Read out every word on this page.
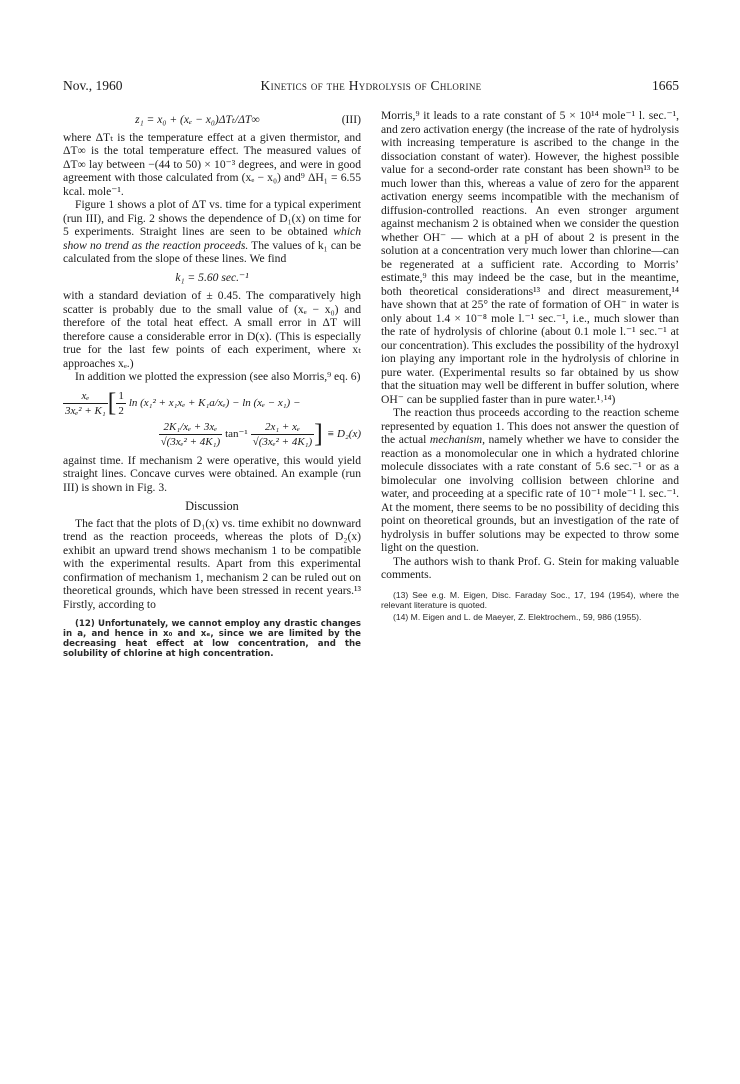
Nov., 1960	Kinetics of the Hydrolysis of Chlorine	1665
z₁ = x₀ + (xₑ − x₀)ΔTₜ/ΔT∞	(III)

where ΔTₜ is the temperature effect at a given thermistor, and ΔT∞ is the total temperature effect. The measured values of ΔT∞ lay between −(44 to 50) × 10⁻³ degrees, and were in good agreement with those calculated from (xₑ − x₀) and⁹ ΔH₁ = 6.55 kcal. mole⁻¹.

Figure 1 shows a plot of ΔT vs. time for a typical experiment (run III), and Fig. 2 shows the dependence of D₁(x) on time for 5 experiments. Straight lines are seen to be obtained which show no trend as the reaction proceeds. The values of k₁ can be calculated from the slope of these lines. We find

k₁ = 5.60 sec.⁻¹

with a standard deviation of ± 0.45. The comparatively high scatter is probably due to the small value of (xₑ − x₀) and therefore of the total heat effect. A small error in ΔT will therefore cause a considerable error in D(x). (This is especially true for the last few points of each experiment, where xₜ approaches xₑ.)

In addition we plotted the expression (see also Morris,⁹ eq. 6)

$\frac{\text{xₑ}}{\text{3xₑ² + K₁}}$ [ $\frac{1}{2}$ ln (x₁² + x₁xₑ + K₁a/xₑ) − ln (xₑ − x₁) −
$\frac{\text{2K₁/xₑ + 3xₑ}}{\text{√(3xₑ² + 4K₁)}} \tan^{-1} \frac{\text{2x₁ + xₑ}}{\text{√(3xₑ² + 4K₁)}}$ ] ≡ D₂(x)

against time. If mechanism 2 were operative, this would yield straight lines. Concave curves were obtained. An example (run III) is shown in Fig. 3.

Discussion

The fact that the plots of D₁(x) vs. time exhibit no downward trend as the reaction proceeds, whereas the plots of D₂(x) exhibit an upward trend shows mechanism 1 to be compatible with the experimental results. Apart from this experimental confirmation of mechanism 1, mechanism 2 can be ruled out on theoretical grounds, which have been stressed in recent years.¹³ Firstly, according to

(12) Unfortunately, we cannot employ any drastic changes in a, and hence in x₀ and xₑ, since we are limited by the decreasing heat effect at low concentration, and the solubility of chlorine at high concentration.

Morris,⁹ it leads to a rate constant of 5 × 10¹⁴ mole⁻¹ l. sec.⁻¹, and zero activation energy (the increase of the rate of hydrolysis with increasing temperature is ascribed to the change in the dissociation constant of water). However, the highest possible value for a second-order rate constant has been shown¹³ to be much lower than this, whereas a value of zero for the apparent activation energy seems incompatible with the mechanism of diffusion-controlled reactions. An even stronger argument against mechanism 2 is obtained when we consider the question whether OH⁻ — which at a pH of about 2 is present in the solution at a concentration very much lower than chlorine—can be regenerated at a sufficient rate. According to Morris’ estimate,⁹ this may indeed be the case, but in the meantime, both theoretical considerations¹³ and direct measurement,¹⁴ have shown that at 25° the rate of formation of OH⁻ in water is only about 1.4 × 10⁻⁸ mole l.⁻¹ sec.⁻¹, i.e., much slower than the rate of hydrolysis of chlorine (about 0.1 mole l.⁻¹ sec.⁻¹ at our concentration). This excludes the possibility of the hydroxyl ion playing any important role in the hydrolysis of chlorine in pure water. (Experimental results so far obtained by us show that the situation may well be different in buffer solution, where OH⁻ can be supplied faster than in pure water.¹˒¹⁴)

The reaction thus proceeds according to the reaction scheme represented by equation 1. This does not answer the question of the actual mechanism, namely whether we have to consider the reaction as a monomolecular one in which a hydrated chlorine molecule dissociates with a rate constant of 5.6 sec.⁻¹ or as a bimolecular one involving collision between chlorine and water, and proceeding at a specific rate of 10⁻¹ mole⁻¹ l. sec.⁻¹. At the moment, there seems to be no possibility of deciding this point on theoretical grounds, but an investigation of the rate of hydrolysis in buffer solutions may be expected to throw some light on the question.

The authors wish to thank Prof. G. Stein for making valuable comments.

(13) See e.g. M. Eigen, Disc. Faraday Soc., 17, 194 (1954), where the relevant literature is quoted.

(14) M. Eigen and L. de Maeyer, Z. Elektrochem., 59, 986 (1955).
